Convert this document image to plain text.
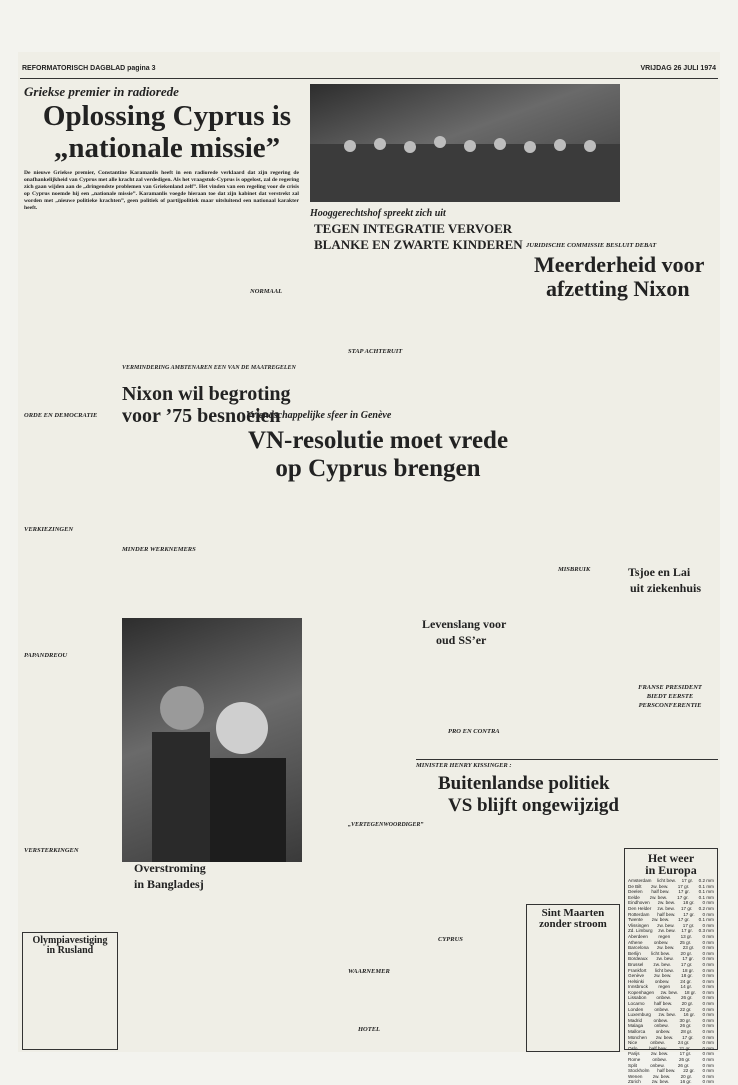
REFORMATORISCH DAGBLAD pagina 3	VRIJDAG 26 JULI 1974
Griekse premier in radiorede
Oplossing Cyprus is
„nationale missie”
De nieuwe Griekse premier, Constantine Karamanlis heeft in een radiorede verklaard dat zijn regering de onafhankelijkheid van Cyprus met alle kracht zal verdedigen. Als het vraagstuk-Cyprus is opgelost, zal de regering zich gaan wijden aan de „dringendste problemen van Griekenland zelf”. Het vinden van een regeling voor de crisis op Cyprus noemde hij een „nationale missie”. Karamanlis voegde hieraan toe dat zijn kabinet dat verstrekt zal worden met „nieuwe politieke krachten”, geen politiek of partijpolitiek maar uitsluitend een nationaal karakter heeft.
ORDE EN DEMOCRATIE
VERKIEZINGEN
PAPANDREOU
VERSTERKINGEN
NORMAAL
Olympiavestiging
in Rusland
VERMINDERING AMBTENAREN EEN VAN DE MAATREGELEN
Nixon wil begroting
voor ’75 besnoeien
MINDER WERKNEMERS
Overstroming
in Bangladesj
Hooggerechtshof spreekt zich uit
TEGEN INTEGRATIE VERVOER
BLANKE EN ZWARTE KINDEREN
STAP ACHTERUIT
JURIDISCHE COMMISSIE BESLUIT DEBAT
Meerderheid voor
afzetting Nixon
MISBRUIK	Tsjoe en Lai
uit ziekenhuis
FRANSE PRESIDENT
BIEDT EERSTE
PERSCONFERENTIE
Het weer
in Europa
Amsterdam licht bew. 17 gr. 0.2 mm
De Bilt zw. bew. 17 gr. 0.1 mm
Deelen half bew. 17 gr. 0.1 mm
Eelde zw. bew. 17 gr. 0.1 mm
Eindhoven zw. bew. 18 gr. 0 mm
Den Helder zw. bew. 17 gr. 0.2 mm
Rotterdam half bew. 17 gr. 0 mm
Twente zw. bew. 17 gr. 0.1 mm
Vlissingen zw. bew. 17 gr. 0 mm
Zd. Limburg zw. bew. 17 gr. 0.3 mm
Aberdeen regen 13 gr. 0 mm
Athene onbew. 25 gr. 0 mm
Barcelona zw. bew. 23 gr. 0 mm
Berlijn licht bew. 20 gr. 0 mm
Bordeaux zw. bew. 17 gr. 0 mm
Brussel zw. bew. 17 gr. 0 mm
Frankfort licht bew. 18 gr. 0 mm
Genève zw. bew. 18 gr. 0 mm
Helsinki onbew. 24 gr. 0 mm
Innsbruck regen 14 gr. 0 mm
Kopenhagen zw. bew. 18 gr. 0 mm
Lissabon onbew. 26 gr. 0 mm
Locarno half bew. 20 gr. 0 mm
Londen onbew. 22 gr. 0 mm
Luxemburg zw. bew. 16 gr. 0 mm
Madrid onbew. 30 gr. 0 mm
Malaga onbew. 26 gr. 0 mm
Mallorca onbew. 28 gr. 0 mm
München zw. bew. 17 gr. 0 mm
Nice	onbew.	24 gr.	0 mm
Oslo	half bew.	21 gr.	0 mm
Parijs zw. bew. 17 gr. 0 mm
Rome	onbew.	26 gr.	0 mm
Split	onbew.	26 gr.	0 mm
Stockholm half bew. 22 gr. 0 mm
Wenen zw. bew. 20 gr. 0 mm
Zürich zw. bew. 16 gr. 0 mm
Vriendschappelijke sfeer in Genève
VN-resolutie moet vrede
op Cyprus brengen
„VERTEGENWOORDIGER”
WAARNEMER
HOTEL
Levenslang voor
oud SS’er
PRO EN CONTRA
MINISTER HENRY KISSINGER :
Buitenlandse politiek
VS blijft ongewijzigd
CYPRUS
Sint Maarten
zonder stroom
